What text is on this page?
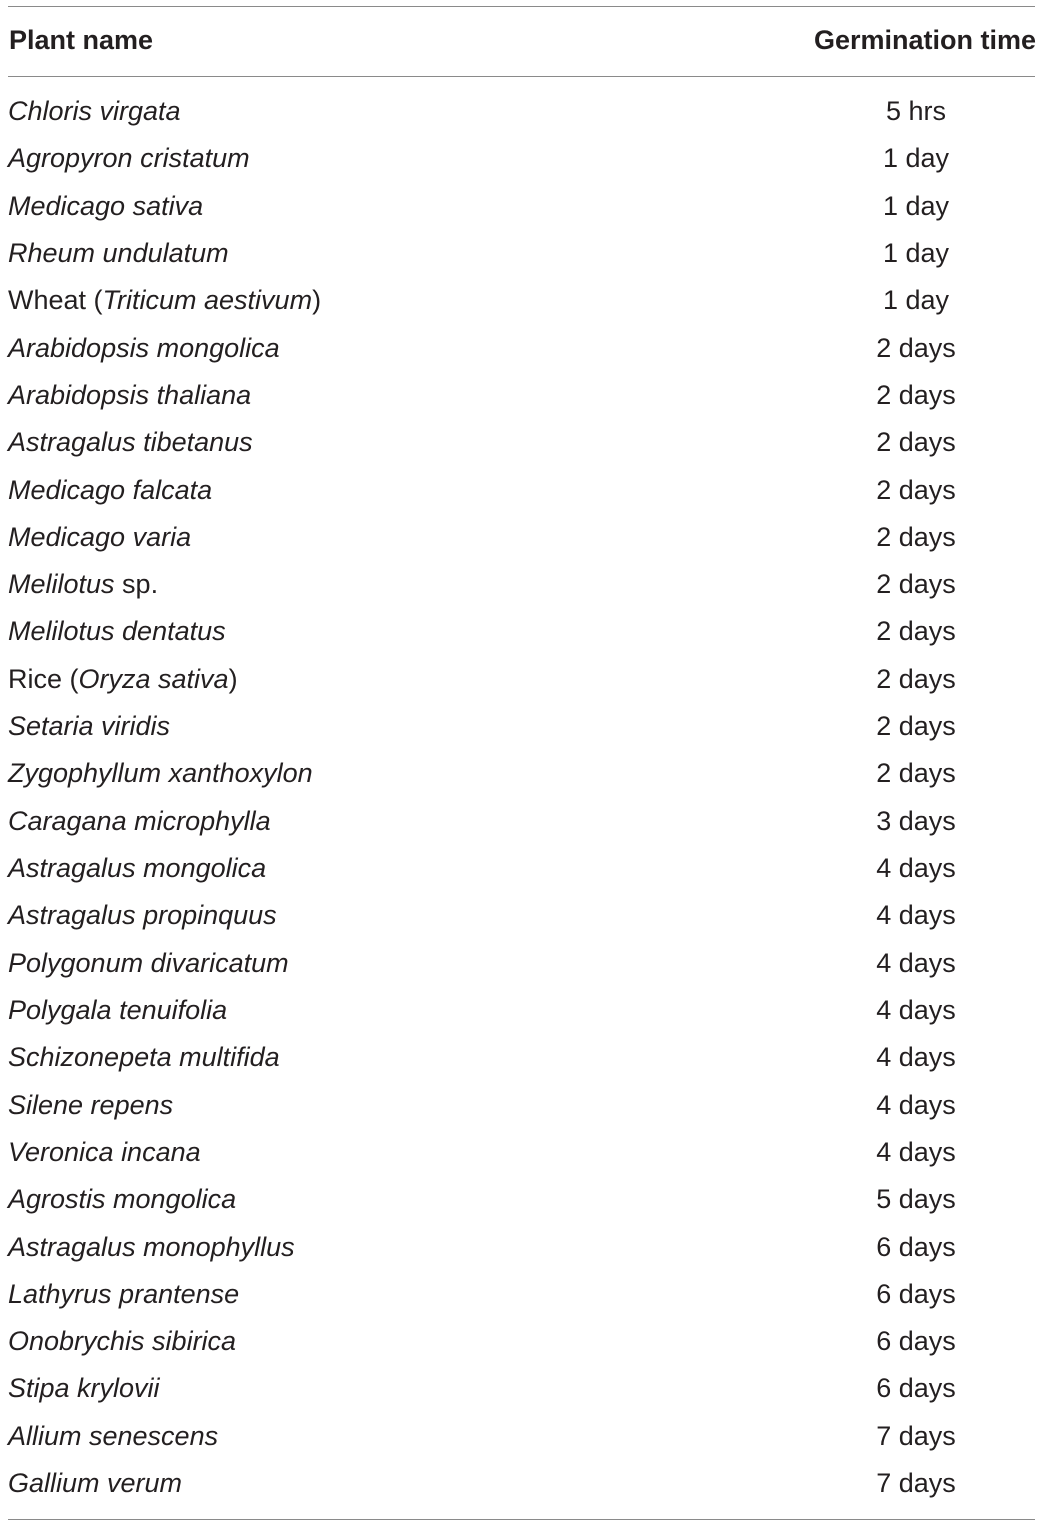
Plant name	Germination time
Chloris virgata	5 hrs
Agropyron cristatum	1 day
Medicago sativa	1 day
Rheum undulatum	1 day
Wheat (Triticum aestivum)	1 day
Arabidopsis mongolica	2 days
Arabidopsis thaliana	2 days
Astragalus tibetanus	2 days
Medicago falcata	2 days
Medicago varia	2 days
Melilotus sp.	2 days
Melilotus dentatus	2 days
Rice (Oryza sativa)	2 days
Setaria viridis	2 days
Zygophyllum xanthoxylon	2 days
Caragana microphylla	3 days
Astragalus mongolica	4 days
Astragalus propinquus	4 days
Polygonum divaricatum	4 days
Polygala tenuifolia	4 days
Schizonepeta multifida	4 days
Silene repens	4 days
Veronica incana	4 days
Agrostis mongolica	5 days
Astragalus monophyllus	6 days
Lathyrus prantense	6 days
Onobrychis sibirica	6 days
Stipa krylovii	6 days
Allium senescens	7 days
Gallium verum	7 days
